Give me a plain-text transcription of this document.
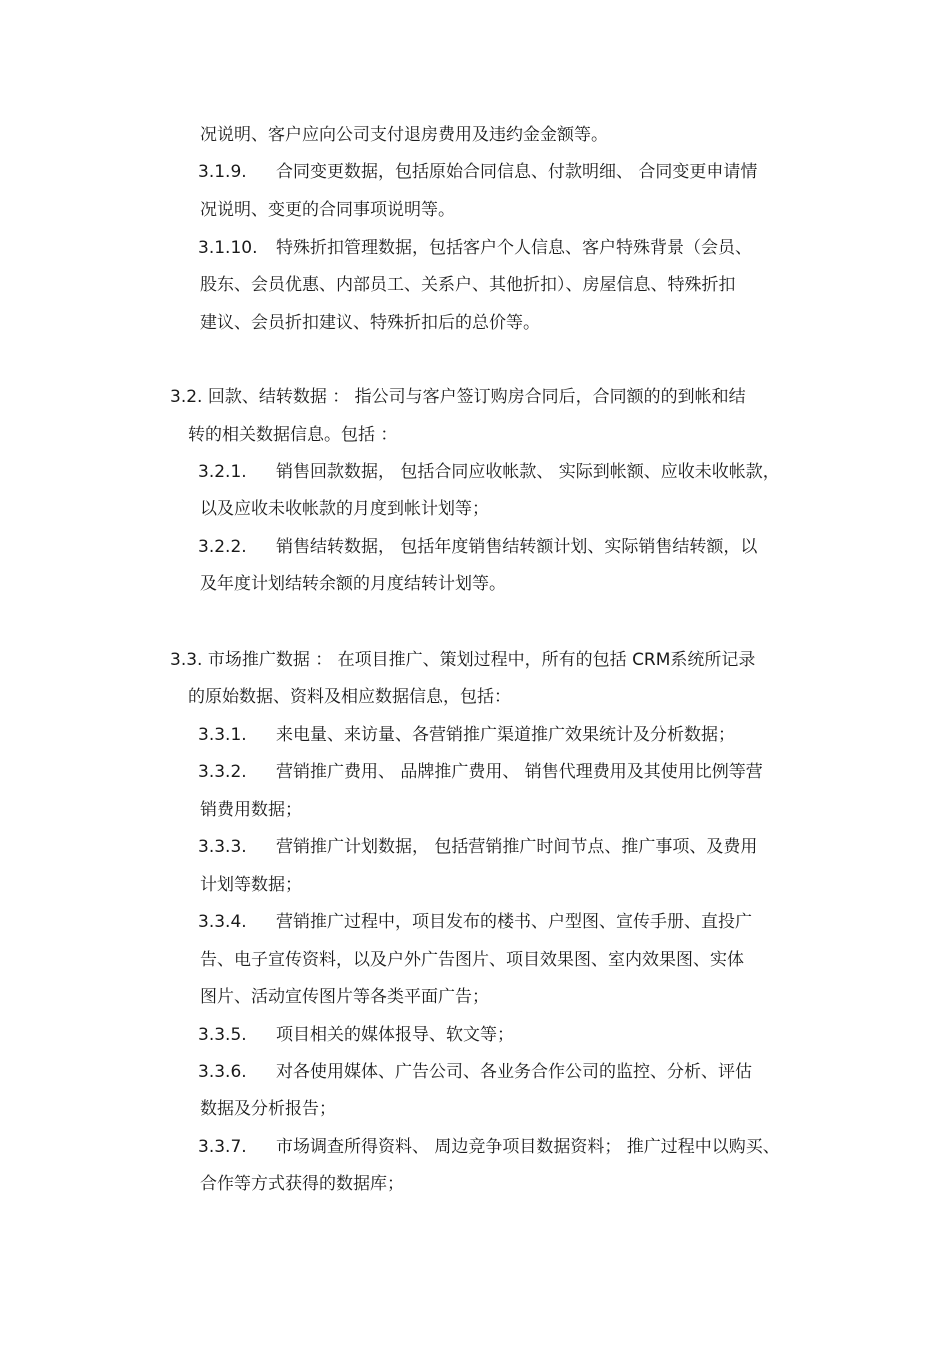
况说明、客户应向公司支付退房费用及违约金金额等。
3.1.9. 合同变更数据，包括原始合同信息、付款明细、 合同变更申请情
况说明、变更的合同事项说明等。
3.1.10. 特殊折扣管理数据，包括客户个人信息、客户特殊背景（会员、
股东、会员优惠、内部员工、关系户、其他折扣）、房屋信息、特殊折扣
建议、会员折扣建议、特殊折扣后的总价等。
3.2. 回款、结转数据 ： 指公司与客户签订购房合同后，合同额的的到帐和结
转的相关数据信息。包括 ：
3.2.1. 销售回款数据， 包括合同应收帐款、 实际到帐额、应收未收帐款，
以及应收未收帐款的月度到帐计划等；
3.2.2. 销售结转数据， 包括年度销售结转额计划、实际销售结转额，以
及年度计划结转余额的月度结转计划等。
3.3. 市场推广数据 ： 在项目推广、策划过程中，所有的包括 CRM系统所记录
的原始数据、资料及相应数据信息，包括：
3.3.1. 来电量、来访量、各营销推广渠道推广效果统计及分析数据；
3.3.2. 营销推广费用、 品牌推广费用、 销售代理费用及其使用比例等营
销费用数据；
3.3.3. 营销推广计划数据， 包括营销推广时间节点、推广事项、及费用
计划等数据；
3.3.4. 营销推广过程中，项目发布的楼书、户型图、宣传手册、直投广
告、电子宣传资料，以及户外广告图片、项目效果图、室内效果图、实体
图片、活动宣传图片等各类平面广告；
3.3.5. 项目相关的媒体报导、软文等；
3.3.6. 对各使用媒体、广告公司、各业务合作公司的监控、分析、评估
数据及分析报告；
3.3.7. 市场调查所得资料、 周边竞争项目数据资料； 推广过程中以购买、
合作等方式获得的数据库；
